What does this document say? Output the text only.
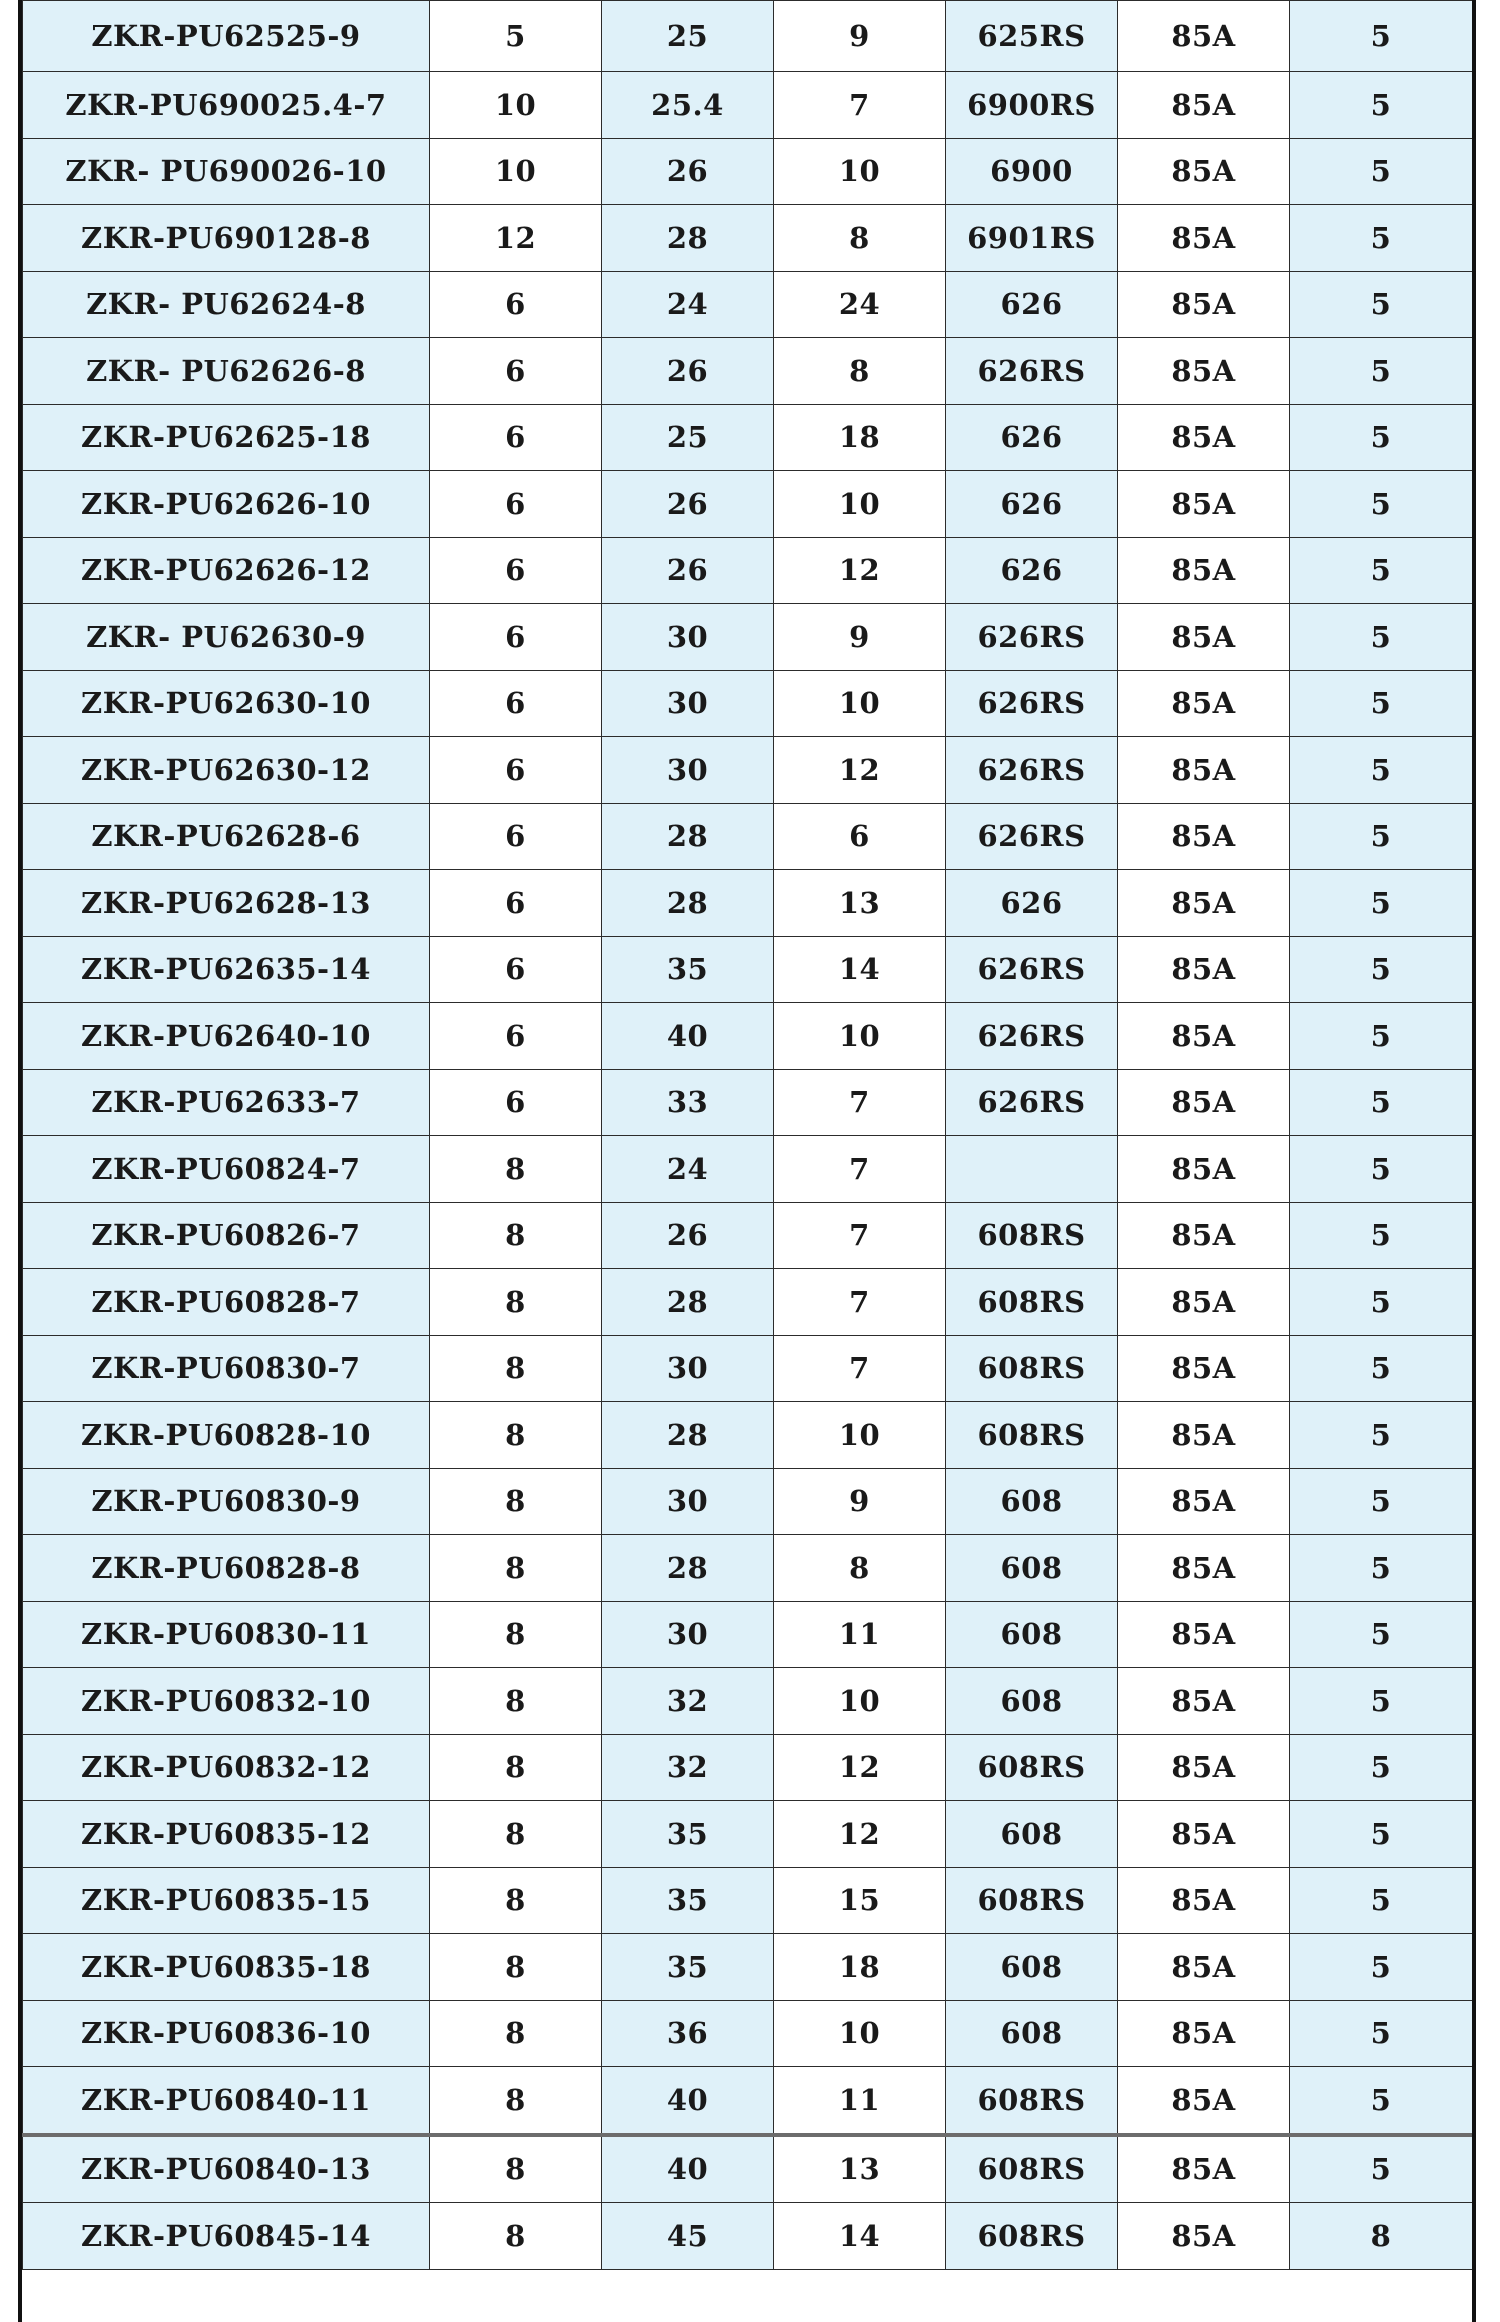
ZKR-PU62525-9	5	25	9	625RS	85A	5
ZKR-PU690025.4-7	10	25.4	7	6900RS	85A	5
ZKR- PU690026-10	10	26	10	6900	85A	5
ZKR-PU690128-8	12	28	8	6901RS	85A	5
ZKR- PU62624-8	6	24	24	626	85A	5
ZKR- PU62626-8	6	26	8	626RS	85A	5
ZKR-PU62625-18	6	25	18	626	85A	5
ZKR-PU62626-10	6	26	10	626	85A	5
ZKR-PU62626-12	6	26	12	626	85A	5
ZKR- PU62630-9	6	30	9	626RS	85A	5
ZKR-PU62630-10	6	30	10	626RS	85A	5
ZKR-PU62630-12	6	30	12	626RS	85A	5
ZKR-PU62628-6	6	28	6	626RS	85A	5
ZKR-PU62628-13	6	28	13	626	85A	5
ZKR-PU62635-14	6	35	14	626RS	85A	5
ZKR-PU62640-10	6	40	10	626RS	85A	5
ZKR-PU62633-7	6	33	7	626RS	85A	5
ZKR-PU60824-7	8	24	7		85A	5
ZKR-PU60826-7	8	26	7	608RS	85A	5
ZKR-PU60828-7	8	28	7	608RS	85A	5
ZKR-PU60830-7	8	30	7	608RS	85A	5
ZKR-PU60828-10	8	28	10	608RS	85A	5
ZKR-PU60830-9	8	30	9	608	85A	5
ZKR-PU60828-8	8	28	8	608	85A	5
ZKR-PU60830-11	8	30	11	608	85A	5
ZKR-PU60832-10	8	32	10	608	85A	5
ZKR-PU60832-12	8	32	12	608RS	85A	5
ZKR-PU60835-12	8	35	12	608	85A	5
ZKR-PU60835-15	8	35	15	608RS	85A	5
ZKR-PU60835-18	8	35	18	608	85A	5
ZKR-PU60836-10	8	36	10	608	85A	5
ZKR-PU60840-11	8	40	11	608RS	85A	5
ZKR-PU60840-13	8	40	13	608RS	85A	5
ZKR-PU60845-14	8	45	14	608RS	85A	8
